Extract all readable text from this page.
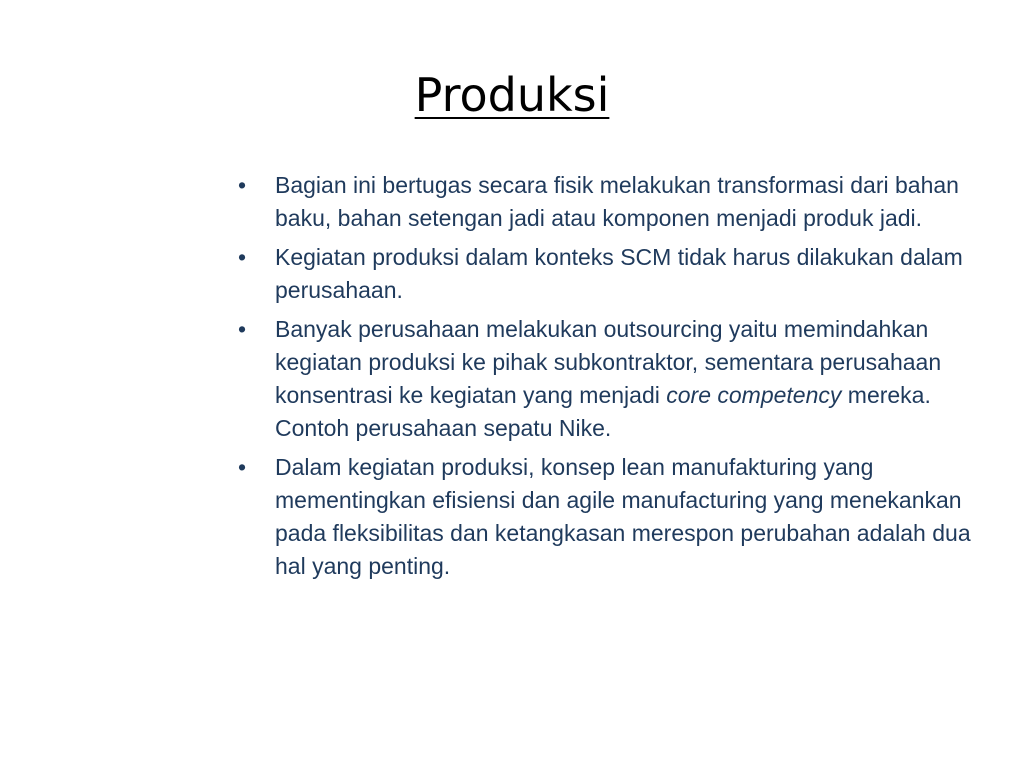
Produksi
• Bagian ini bertugas secara fisik melakukan transformasi dari bahan baku, bahan setengan jadi atau komponen menjadi produk jadi.
• Kegiatan produksi dalam konteks SCM tidak harus dilakukan dalam perusahaan.
• Banyak perusahaan melakukan outsourcing yaitu memindahkan kegiatan produksi ke pihak subkontraktor, sementara perusahaan konsentrasi ke kegiatan yang menjadi core competency mereka. Contoh perusahaan sepatu Nike.
• Dalam kegiatan produksi, konsep lean manufakturing yang mementingkan efisiensi dan agile manufacturing yang menekankan pada fleksibilitas dan ketangkasan merespon perubahan adalah dua hal yang penting.
